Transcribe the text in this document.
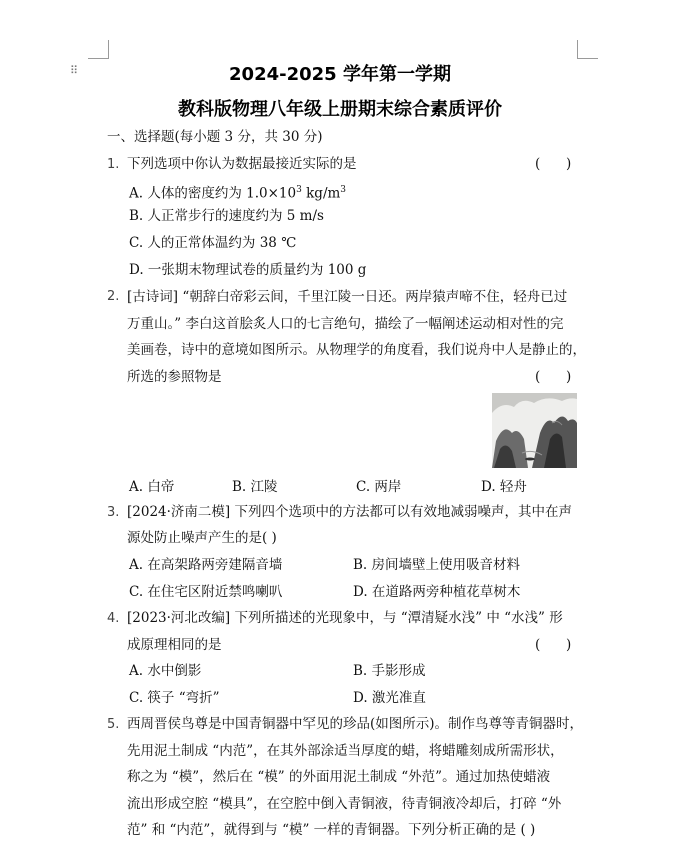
⠿	2024-2025 学年第一学期
教科版物理八年级上册期末综合素质评价
一、选择题(每小题 3 分，共 30 分)
1. 下列选项中你认为数据最接近实际的是	(      )
A. 人体的密度约为 $1.0\times 10^3$ $kg/m^3$
B. 人正常步行的速度约为 5 m/s
C. 人的正常体温约为 38 ℃
D. 一张期末物理试卷的质量约为 100 g
2. [古诗词] “朝辞白帝彩云间，千里江陵一日还。两岸猿声啼不住，轻舟已过
万重山。” 李白这首脍炙人口的七言绝句，描绘了一幅阐述运动相对性的完
美画卷，诗中的意境如图所示。从物理学的角度看，我们说舟中人是静止的，
所选的参照物是	(      )
A. 白帝	B. 江陵	C. 两岸	D. 轻舟
3. [2024·济南二模] 下列四个选项中的方法都可以有效地减弱噪声，其中在声
源处防止噪声产生的是( )
A. 在高架路两旁建隔音墙	B. 房间墙壁上使用吸音材料
C. 在住宅区附近禁鸣喇叭	D. 在道路两旁种植花草树木
4. [2023·河北改编] 下列所描述的光现象中，与 “潭清疑水浅” 中 “水浅” 形
成原理相同的是	(      )
A. 水中倒影	B. 手影形成
C. 筷子 “弯折”	D. 激光准直
5. 西周晋侯鸟尊是中国青铜器中罕见的珍品(如图所示)。制作鸟尊等青铜器时，
先用泥土制成 “内范”，在其外部涂适当厚度的蜡，将蜡雕刻成所需形状，
称之为 “模”，然后在 “模” 的外面用泥土制成 “外范”。通过加热使蜡液
流出形成空腔 “模具”，在空腔中倒入青铜液，待青铜液冷却后，打碎 “外
范” 和 “内范”，就得到与 “模” 一样的青铜器。下列分析正确的是 ( )
